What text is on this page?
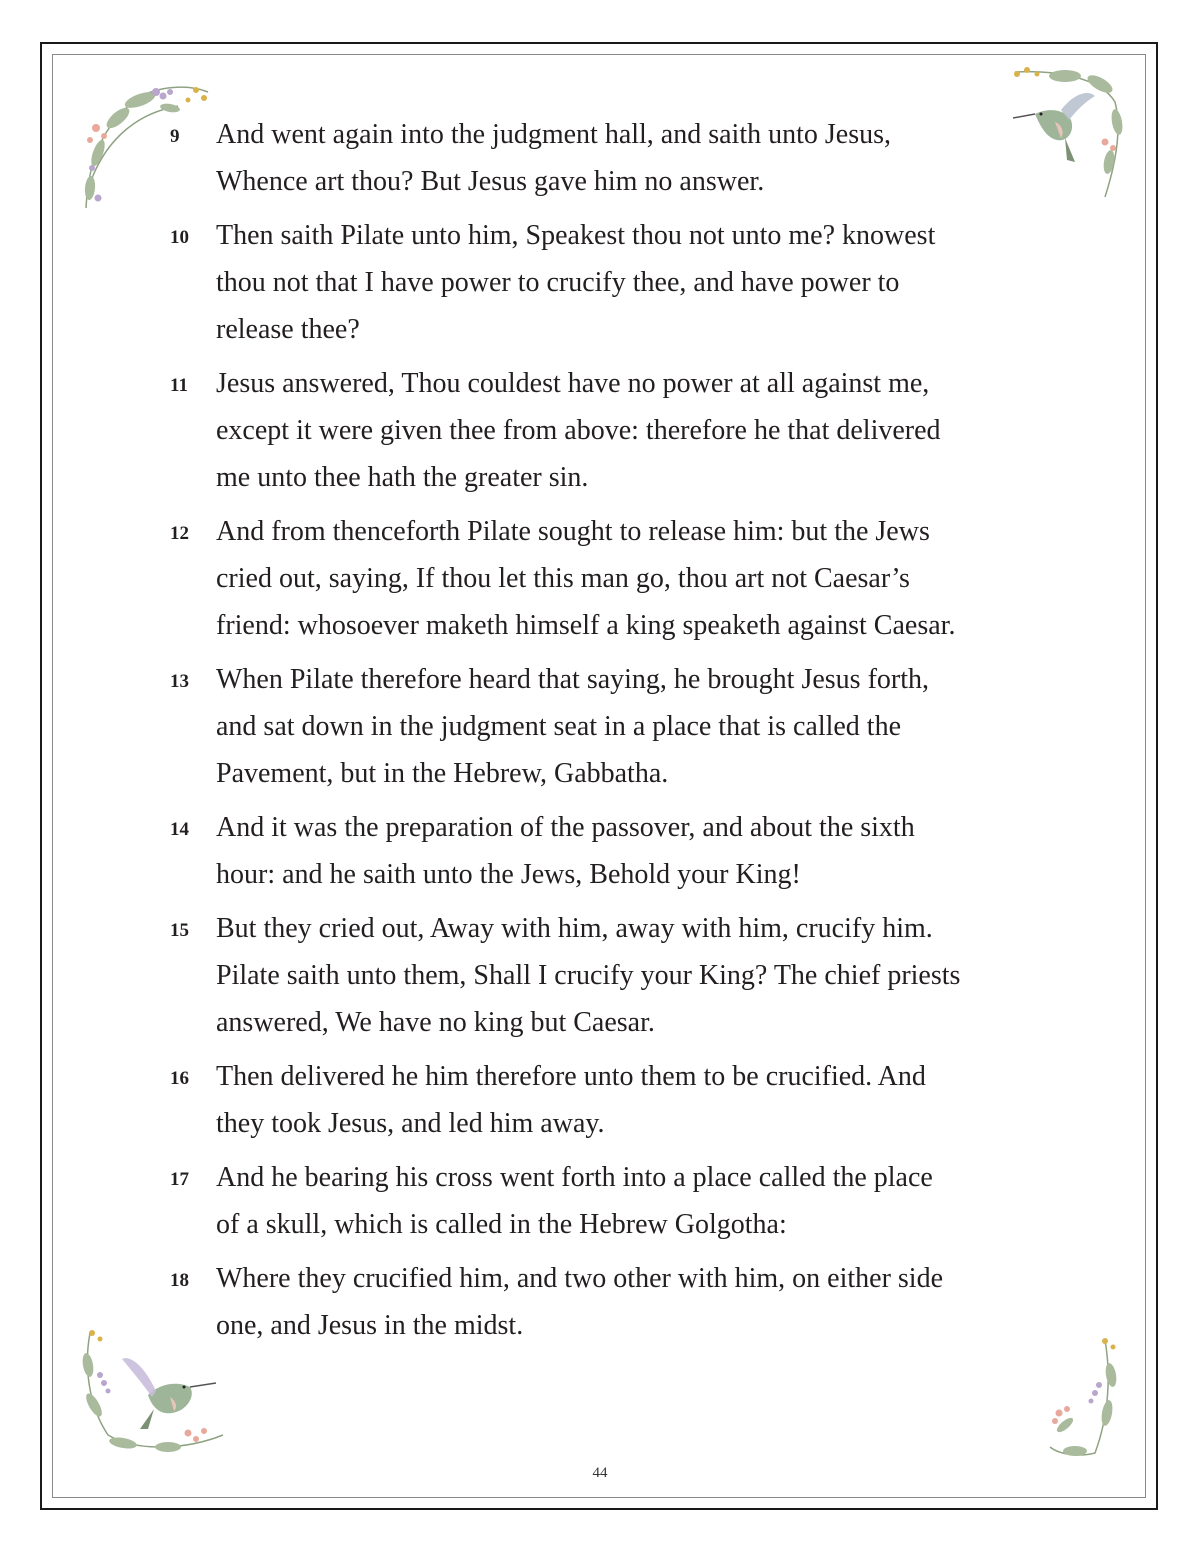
9	And went again into the judgment hall, and saith unto Jesus,
Whence art thou? But Jesus gave him no answer.
10 Then saith Pilate unto him, Speakest thou not unto me? knowest
thou not that I have power to crucify thee, and have power to
release thee?
11	Jesus answered, Thou couldest have no power at all against me,
except it were given thee from above: therefore he that delivered
me unto thee hath the greater sin.
12 And from thenceforth Pilate sought to release him: but the Jews
cried out, saying, If thou let this man go, thou art not Caesar’s
friend: whosoever maketh himself a king speaketh against Caesar.
13 When Pilate therefore heard that saying, he brought Jesus forth,
and sat down in the judgment seat in a place that is called the
Pavement, but in the Hebrew, Gabbatha.
14 And it was the preparation of the passover, and about the sixth
hour: and he saith unto the Jews, Behold your King!
15 But they cried out, Away with him, away with him, crucify him.
Pilate saith unto them, Shall I crucify your King? The chief priests
answered, We have no king but Caesar.
16 Then delivered he him therefore unto them to be crucified. And
they took Jesus, and led him away.
17 And he bearing his cross went forth into a place called the place
of a skull, which is called in the Hebrew Golgotha:
18 Where they crucified him, and two other with him, on either side
one, and Jesus in the midst.
44
